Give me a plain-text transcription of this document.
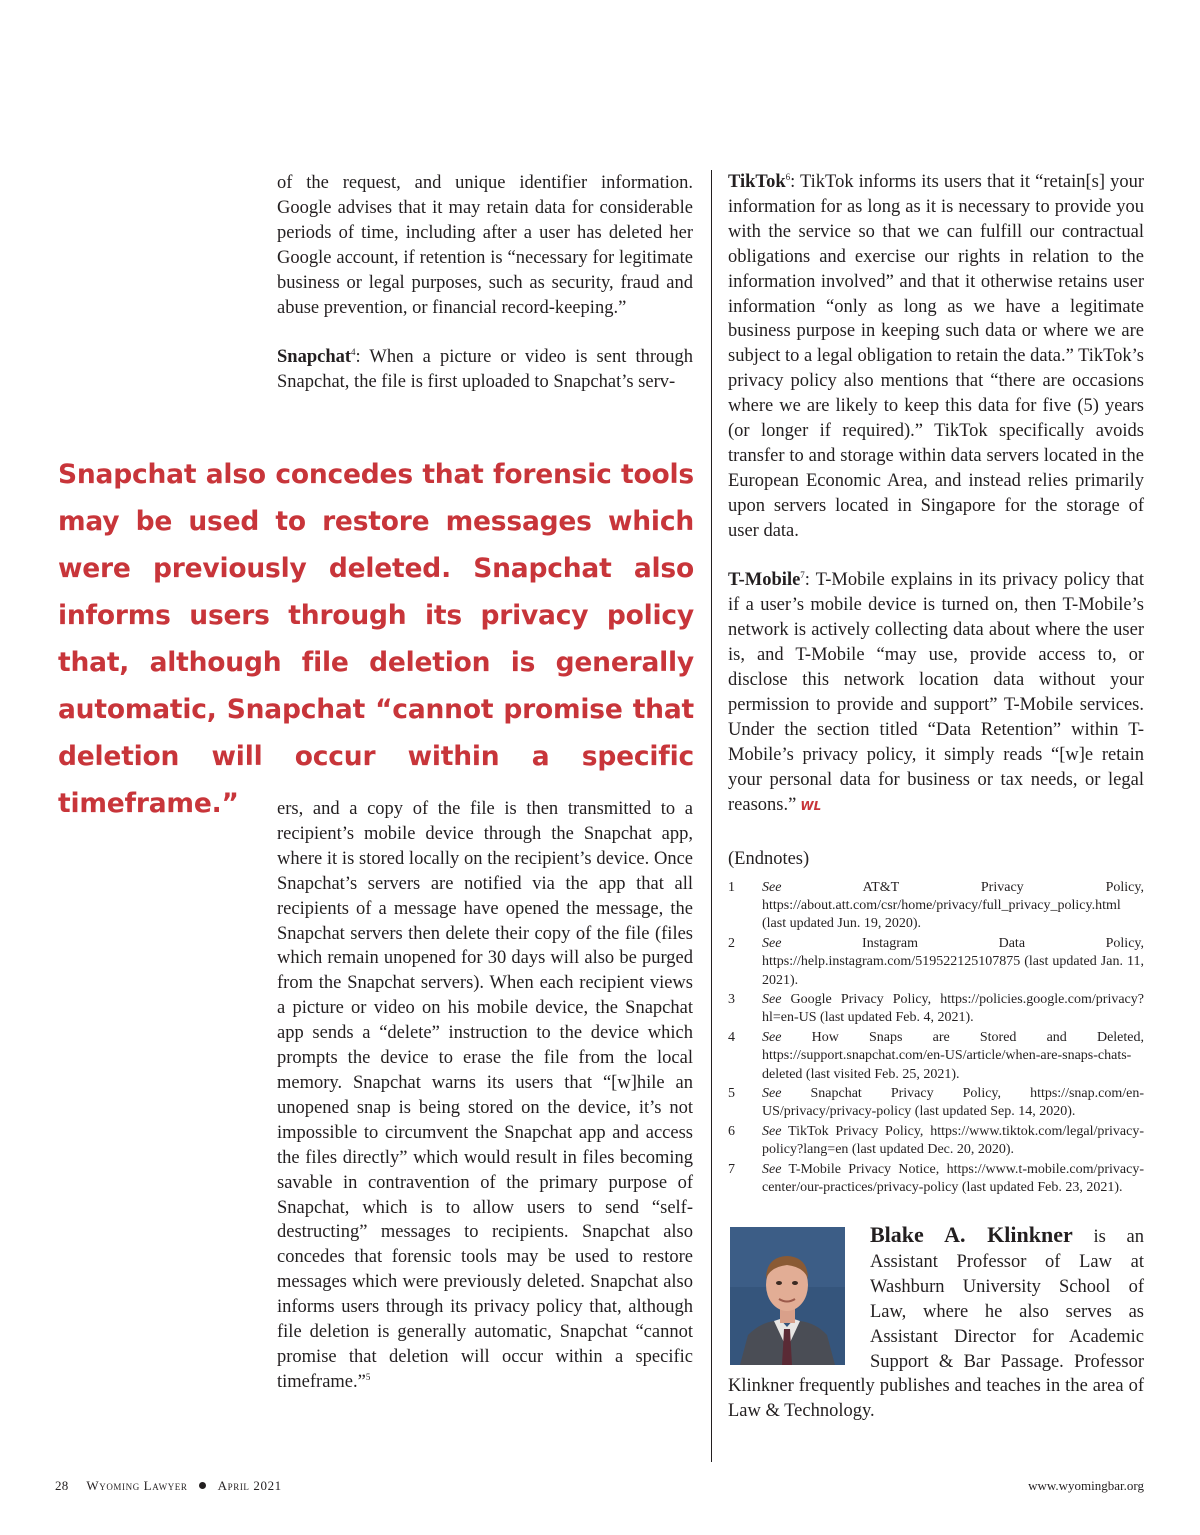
of the request, and unique identifier information. Google advises that it may retain data for considerable periods of time, including after a user has deleted her Google account, if retention is “necessary for legitimate business or legal purposes, such as security, fraud and abuse prevention, or financial record-keeping.”

Snapchat$^4$: When a picture or video is sent through Snapchat, the file is first uploaded to Snapchat’s serv-

Snapchat also concedes that forensic tools may be used to restore messages which were previously deleted. Snapchat also informs users through its privacy policy that, although file deletion is generally automatic, Snapchat “cannot promise that deletion will occur within a specific timeframe.”	ers, and a copy of the file is then transmitted to a recipient’s mobile device through the Snapchat app, where it is stored locally on the recipient’s device. Once Snapchat’s servers are notified via the app that all recipients of a message have opened the message, the Snapchat servers then delete their copy of the file (files which remain unopened for 30 days will also be purged from the Snapchat servers). When each recipient views a picture or video on his mobile device, the Snapchat app sends a “delete” instruction to the device which prompts the device to erase the file from the local memory. Snapchat warns its users that “[w]hile an unopened snap is being stored on the device, it’s not impossible to circumvent the Snapchat app and access the files directly” which would result in files becoming savable in contravention of the primary purpose of Snapchat, which is to allow users to send “self-destructing” messages to recipients. Snapchat also concedes that forensic tools may be used to restore messages which were previously deleted. Snapchat also informs users through its privacy policy that, although file deletion is generally automatic, Snapchat “cannot promise that deletion will occur within a specific timeframe.”$^5$

TikTok$^6$: TikTok informs its users that it “retain[s] your information for as long as it is necessary to provide you with the service so that we can fulfill our contractual obligations and exercise our rights in relation to the information involved” and that it otherwise retains user information “only as long as we have a legitimate business purpose in keeping such data or where we are subject to a legal obligation to retain the data.” TikTok’s privacy policy also mentions that “there are occasions where we are likely to keep this data for five (5) years (or longer if required).” TikTok specifically avoids transfer to and storage within data servers located in the European Economic Area, and instead relies primarily upon servers located in Singapore for the storage of user data.

T-Mobile$^7$: T-Mobile explains in its privacy policy that if a user’s mobile device is turned on, then T-Mobile’s network is actively collecting data about where the user is, and T-Mobile “may use, provide access to, or disclose this network location data without your permission to provide and support” T-Mobile services. Under the section titled “Data Retention” within T-Mobile’s privacy policy, it simply reads “[w]e retain your personal data for business or tax needs, or legal reasons.” WL

(Endnotes)

1	See AT&T Privacy Policy, https://about.att.com/csr/home/privacy/full_privacy_policy.html (last updated Jun. 19, 2020).
2	See Instagram Data Policy, https://help.instagram.com/519522125107875 (last updated Jan. 11, 2021).
3	See Google Privacy Policy, https://policies.google.com/privacy?hl=en-US (last updated Feb. 4, 2021).
4	See How Snaps are Stored and Deleted, https://support.snapchat.com/en-US/article/when-are-snaps-chats-deleted (last visited Feb. 25, 2021).
5	See Snapchat Privacy Policy, https://snap.com/en-US/privacy/privacy-policy (last updated Sep. 14, 2020).
6	See TikTok Privacy Policy, https://www.tiktok.com/legal/privacy-policy?lang=en (last updated Dec. 20, 2020).
7	See T-Mobile Privacy Notice, https://www.t-mobile.com/privacy-center/our-practices/privacy-policy (last updated Feb. 23, 2021).

Blake A. Klinkner is an Assistant Professor of Law at Washburn University School of Law, where he also serves as Assistant Director for Academic Support & Bar Passage. Professor Klinkner frequently publishes and teaches in the area of Law & Technology.

28 Wyoming Lawyer April 2021	www.wyomingbar.org
